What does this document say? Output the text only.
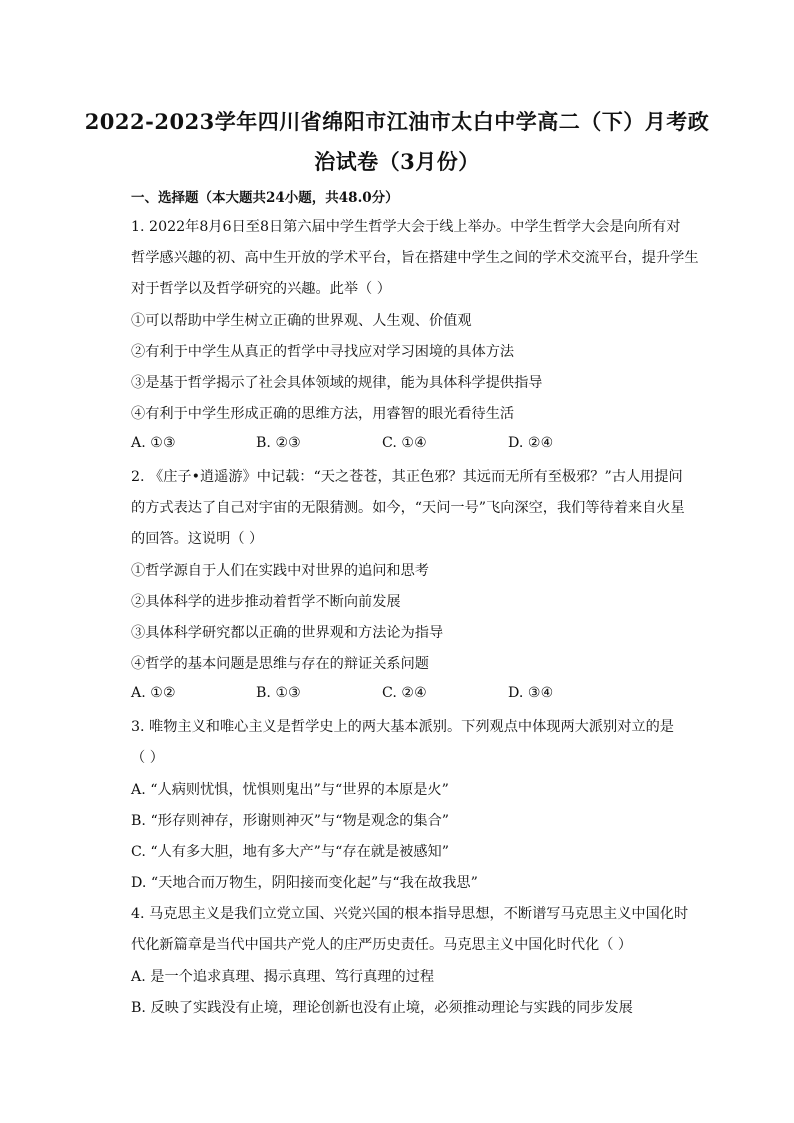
2022-2023学年四川省绵阳市江油市太白中学高二（下）月考政
治试卷（3月份）
一、选择题（本大题共24小题，共48.0分）
1. 2022年8月6日至8日第六届中学生哲学大会于线上举办。中学生哲学大会是向所有对
哲学感兴趣的初、高中生开放的学术平台，旨在搭建中学生之间的学术交流平台，提升学生
对于哲学以及哲学研究的兴趣。此举（ ）
①可以帮助中学生树立正确的世界观、人生观、价值观
②有利于中学生从真正的哲学中寻找应对学习困境的具体方法
③是基于哲学揭示了社会具体领域的规律，能为具体科学提供指导
④有利于中学生形成正确的思维方法，用睿智的眼光看待生活
A. ①③	B. ②③	C. ①④	D. ②④
2. 《庄子•逍遥游》中记载：“天之苍苍，其正色邪？其远而无所有至极邪？”古人用提问
的方式表达了自己对宇宙的无限猜测。如今，“天问一号”飞向深空，我们等待着来自火星
的回答。这说明（ ）
①哲学源自于人们在实践中对世界的追问和思考
②具体科学的进步推动着哲学不断向前发展
③具体科学研究都以正确的世界观和方法论为指导
④哲学的基本问题是思维与存在的辩证关系问题
A. ①②	B. ①③	C. ②④	D. ③④
3. 唯物主义和唯心主义是哲学史上的两大基本派别。下列观点中体现两大派别对立的是
（ ）
A. “人病则忧惧，忧惧则鬼出”与“世界的本原是火”
B. “形存则神存，形谢则神灭”与“物是观念的集合”
C. “人有多大胆，地有多大产”与“存在就是被感知”
D. “天地合而万物生，阴阳接而变化起”与“我在故我思”
4. 马克思主义是我们立党立国、兴党兴国的根本指导思想，不断谱写马克思主义中国化时
代化新篇章是当代中国共产党人的庄严历史责任。马克思主义中国化时代化（ ）
A. 是一个追求真理、揭示真理、笃行真理的过程
B. 反映了实践没有止境，理论创新也没有止境，必须推动理论与实践的同步发展
